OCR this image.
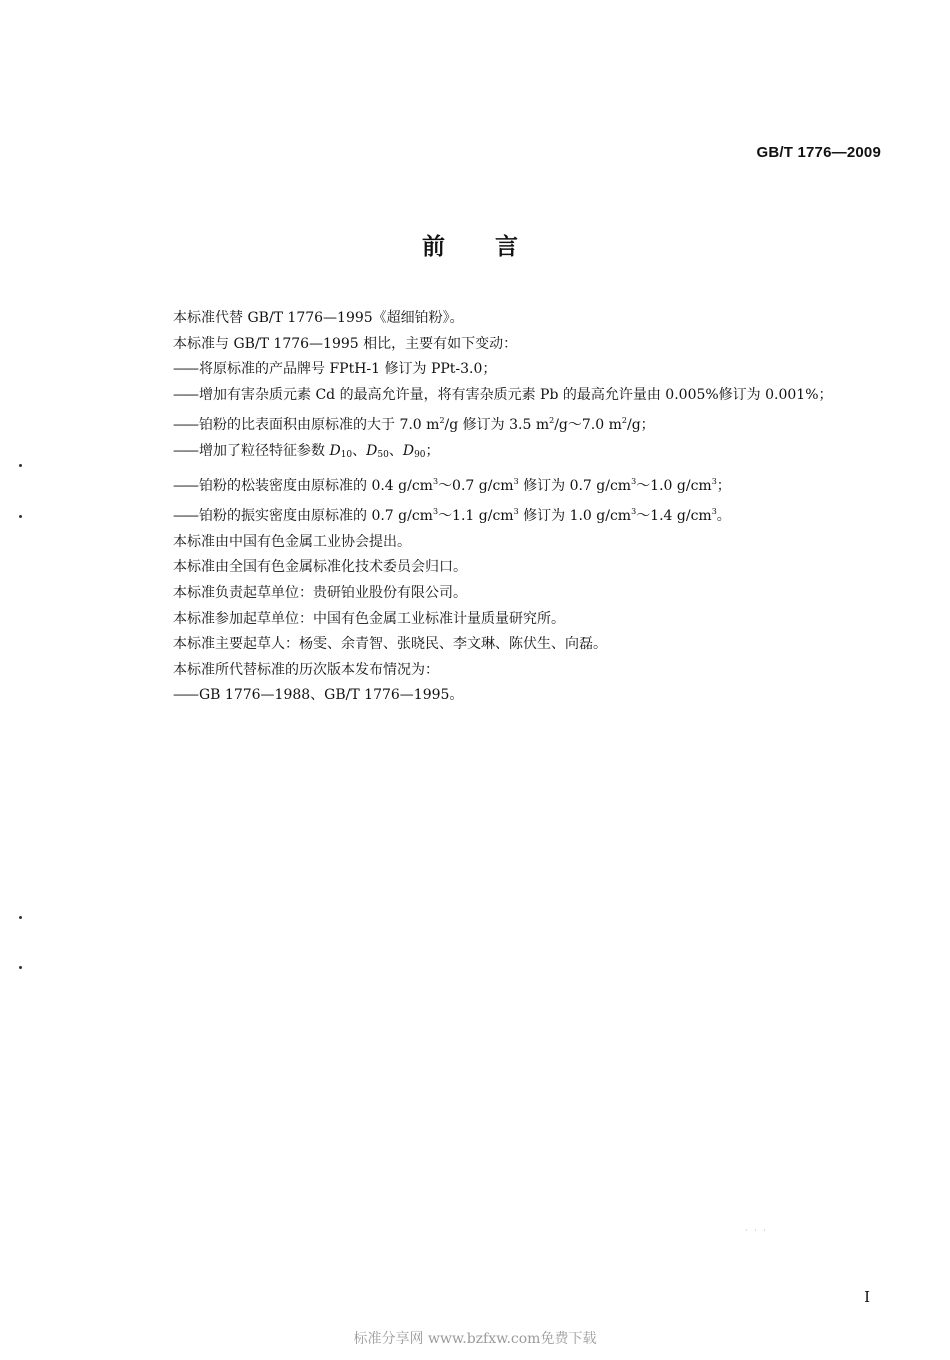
GB/T 1776—2009
前言

本标准代替 GB/T 1776—1995《超细铂粉》。

本标准与 GB/T 1776—1995 相比，主要有如下变动：

—— 将原标准的产品牌号 FPtH-1 修订为 PPt-3.0；

—— 增加有害杂质元素 Cd 的最高允许量，将有害杂质元素 Pb 的最高允许量由 0.005%修订为 0.001%；

—— 铂粉的比表面积由原标准的大于 7.0 $m^2/g$ 修订为 3.5 $m^2/g\sim 7.0$ $m^2/g$；

—— 增加了粒径特征参数 $D_{10}$、$D_{50}$、$D_{90}$；

—— 铂粉的松装密度由原标准的 0.4 $g/cm^3\sim 0.7$ $g/cm^3$ 修订为 0.7 $g/cm^3\sim 1.0$ $g/cm^3$；

—— 铂粉的振实密度由原标准的 0.7 $g/cm^3\sim 1.1$ $g/cm^3$ 修订为 1.0 $g/cm^3\sim 1.4$ $g/cm^3$。

本标准由中国有色金属工业协会提出。

本标准由全国有色金属标准化技术委员会归口。

本标准负责起草单位：贵研铂业股份有限公司。

本标准参加起草单位：中国有色金属工业标准计量质量研究所。

本标准主要起草人：杨雯、余青智、张晓民、李文琳、陈伏生、向磊。

本标准所代替标准的历次版本发布情况为：

—— GB 1776—1988、GB/T 1776—1995。

· · ·
I
标准分享网 www.bzfxw.com免费下载
